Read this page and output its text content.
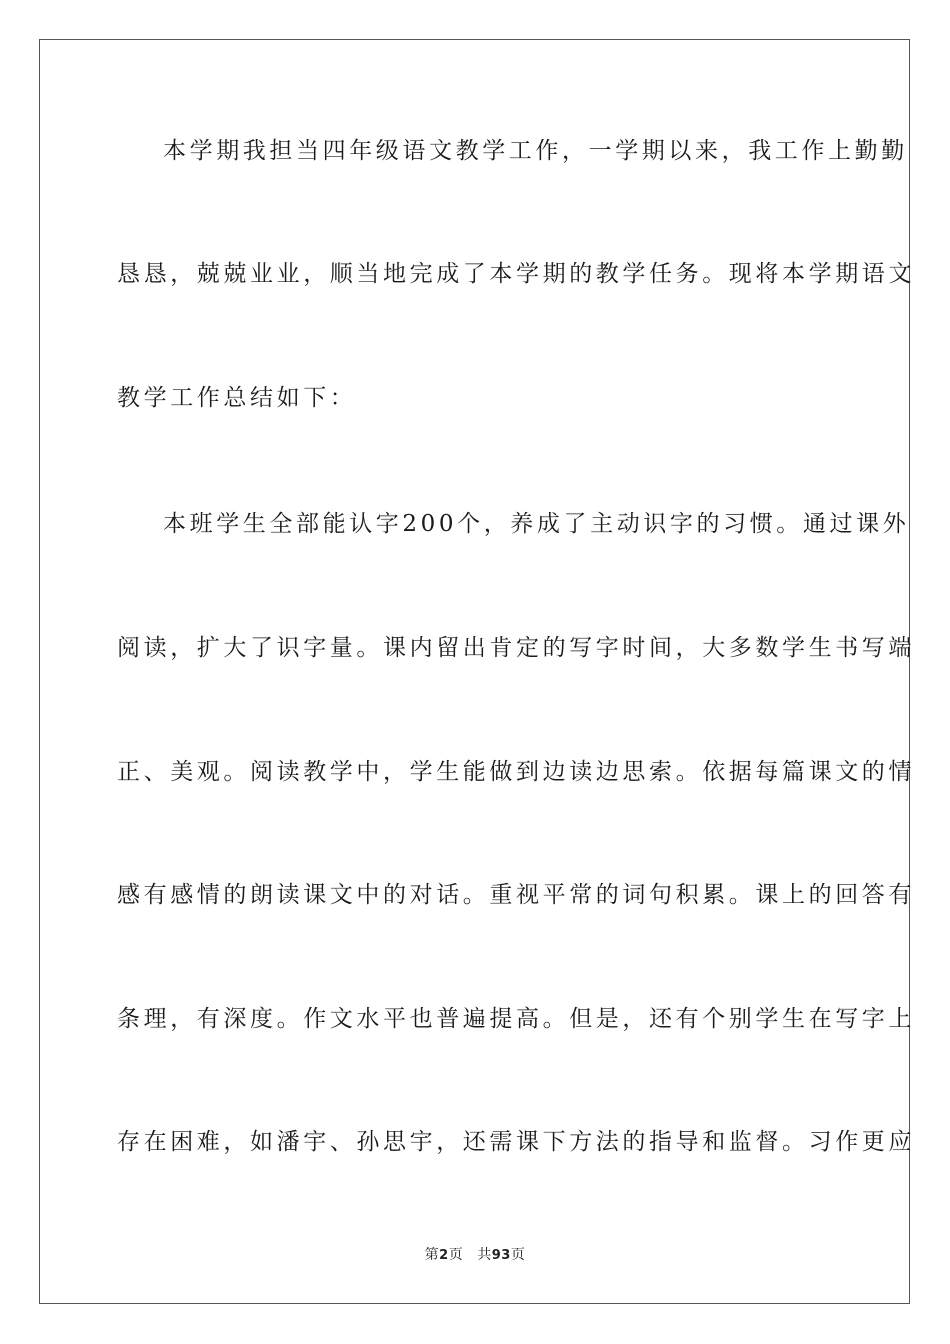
本学期我担当四年级语文教学工作，一学期以来，我工作上勤勤
恳恳，兢兢业业，顺当地完成了本学期的教学任务。现将本学期语文
教学工作总结如下：
本班学生全部能认字200个，养成了主动识字的习惯。通过课外
阅读，扩大了识字量。课内留出肯定的写字时间，大多数学生书写端
正、美观。阅读教学中，学生能做到边读边思索。依据每篇课文的情
感有感情的朗读课文中的对话。重视平常的词句积累。课上的回答有
条理，有深度。作文水平也普遍提高。但是，还有个别学生在写字上
存在困难，如潘宇、孙思宇，还需课下方法的指导和监督。习作更应
第2页 共93页
